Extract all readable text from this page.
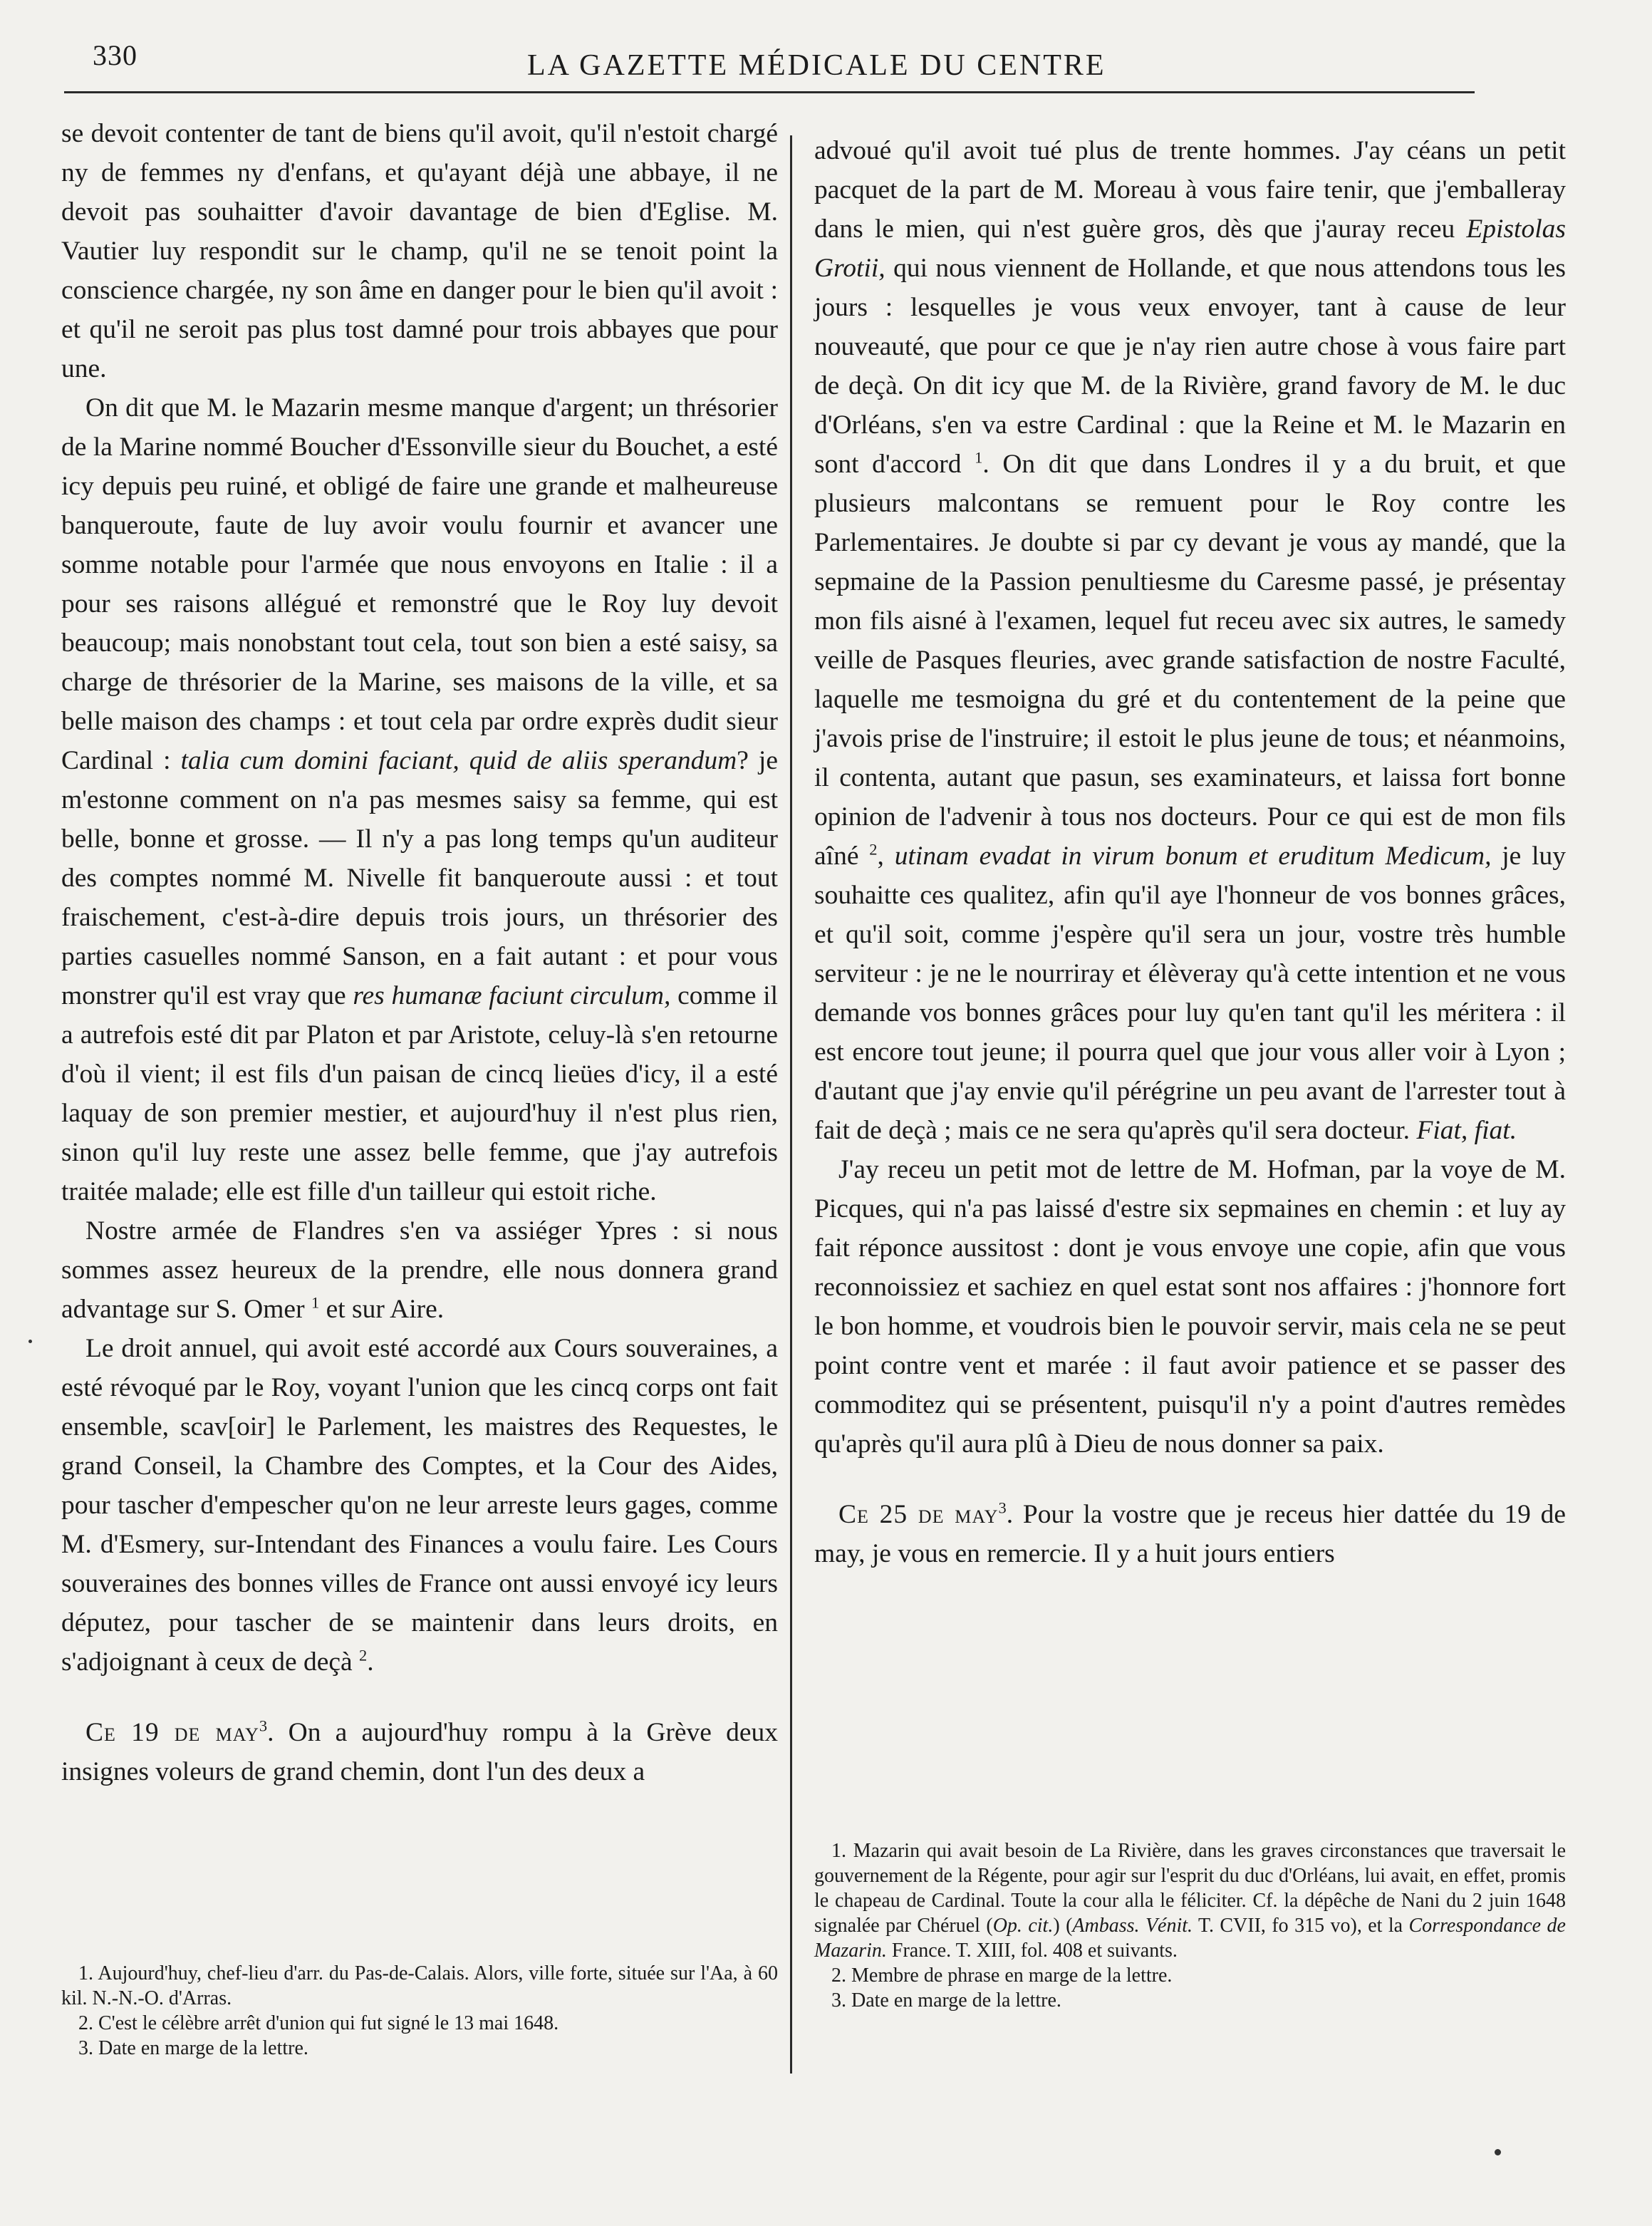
330	LA GAZETTE MÉDICALE DU CENTRE

se devoit contenter de tant de biens qu'il avoit, qu'il n'estoit chargé ny de femmes ny d'enfans, et qu'ayant déjà une abbaye, il ne devoit pas souhaitter d'avoir davantage de bien d'Eglise. M. Vautier luy respondit sur le champ, qu'il ne se tenoit point la conscience chargée, ny son âme en danger pour le bien qu'il avoit : et qu'il ne seroit pas plus tost damné pour trois abbayes que pour une.

On dit que M. le Mazarin mesme manque d'argent; un thrésorier de la Marine nommé Boucher d'Essonville sieur du Bouchet, a esté icy depuis peu ruiné, et obligé de faire une grande et malheureuse banqueroute, faute de luy avoir voulu fournir et avancer une somme notable pour l'armée que nous envoyons en Italie : il a pour ses raisons allégué et remonstré que le Roy luy devoit beaucoup; mais nonobstant tout cela, tout son bien a esté saisy, sa charge de thrésorier de la Marine, ses maisons de la ville, et sa belle maison des champs : et tout cela par ordre exprès dudit sieur Cardinal : talia cum domini faciant, quid de aliis sperandum? je m'estonne comment on n'a pas mesmes saisy sa femme, qui est belle, bonne et grosse. — Il n'y a pas long temps qu'un auditeur des comptes nommé M. Nivelle fit banqueroute aussi : et tout fraischement, c'est-à-dire depuis trois jours, un thrésorier des parties casuelles nommé Sanson, en a fait autant : et pour vous monstrer qu'il est vray que res humanæ faciunt circulum, comme il a autrefois esté dit par Platon et par Aristote, celuy-là s'en retourne d'où il vient; il est fils d'un paisan de cincq lieües d'icy, il a esté laquay de son premier mestier, et aujourd'huy il n'est plus rien, sinon qu'il luy reste une assez belle femme, que j'ay autrefois traitée malade; elle est fille d'un tailleur qui estoit riche.

Nostre armée de Flandres s'en va assiéger Ypres : si nous sommes assez heureux de la prendre, elle nous donnera grand advantage sur S. Omer $^1$ et sur Aire.

Le droit annuel, qui avoit esté accordé aux Cours souveraines, a esté révoqué par le Roy, voyant l'union que les cincq corps ont fait ensemble, scav[oir] le Parlement, les maistres des Requestes, le grand Conseil, la Chambre des Comptes, et la Cour des Aides, pour tascher d'empescher qu'on ne leur arreste leurs gages, comme M. d'Esmery, sur-Intendant des Finances a voulu faire. Les Cours souveraines des bonnes villes de France ont aussi envoyé icy leurs députez, pour tascher de se maintenir dans leurs droits, en s'adjoignant à ceux de deçà $^2$.

Ce 19 de may$^3$. On a aujourd'huy rompu à la Grève deux insignes voleurs de grand chemin, dont l'un des deux a

1. Aujourd'huy, chef-lieu d'arr. du Pas-de-Calais. Alors, ville forte, située sur l'Aa, à 60 kil. N.-N.-O. d'Arras.

2. C'est le célèbre arrêt d'union qui fut signé le 13 mai 1648.

3. Date en marge de la lettre.

advoué qu'il avoit tué plus de trente hommes. J'ay céans un petit pacquet de la part de M. Moreau à vous faire tenir, que j'emballeray dans le mien, qui n'est guère gros, dès que j'auray receu Epistolas Grotii, qui nous viennent de Hollande, et que nous attendons tous les jours : lesquelles je vous veux envoyer, tant à cause de leur nouveauté, que pour ce que je n'ay rien autre chose à vous faire part de deçà. On dit icy que M. de la Rivière, grand favory de M. le duc d'Orléans, s'en va estre Cardinal : que la Reine et M. le Mazarin en sont d'accord $^1$. On dit que dans Londres il y a du bruit, et que plusieurs malcontans se remuent pour le Roy contre les Parlementaires. Je doubte si par cy devant je vous ay mandé, que la sepmaine de la Passion penultiesme du Caresme passé, je présentay mon fils aisné à l'examen, lequel fut receu avec six autres, le samedy veille de Pasques fleuries, avec grande satisfaction de nostre Faculté, laquelle me tesmoigna du gré et du contentement de la peine que j'avois prise de l'instruire; il estoit le plus jeune de tous; et néanmoins, il contenta, autant que pasun, ses examinateurs, et laissa fort bonne opinion de l'advenir à tous nos docteurs. Pour ce qui est de mon fils aîné $^2$, utinam evadat in virum bonum et eruditum Medicum, je luy souhaitte ces qualitez, afin qu'il aye l'honneur de vos bonnes grâces, et qu'il soit, comme j'espère qu'il sera un jour, vostre très humble serviteur : je ne le nourriray et élèveray qu'à cette intention et ne vous demande vos bonnes grâces pour luy qu'en tant qu'il les méritera : il est encore tout jeune; il pourra quel que jour vous aller voir à Lyon ; d'autant que j'ay envie qu'il pérégrine un peu avant de l'arrester tout à fait de deçà ; mais ce ne sera qu'après qu'il sera docteur. Fiat, fiat.

J'ay receu un petit mot de lettre de M. Hofman, par la voye de M. Picques, qui n'a pas laissé d'estre six sepmaines en chemin : et luy ay fait réponce aussitost : dont je vous envoye une copie, afin que vous reconnoissiez et sachiez en quel estat sont nos affaires : j'honnore fort le bon homme, et voudrois bien le pouvoir servir, mais cela ne se peut point contre vent et marée : il faut avoir patience et se passer des commoditez qui se présentent, puisqu'il n'y a point d'autres remèdes qu'après qu'il aura plû à Dieu de nous donner sa paix.

Ce 25 de may$^3$. Pour la vostre que je receus hier dattée du 19 de may, je vous en remercie. Il y a huit jours entiers

1. Mazarin qui avait besoin de La Rivière, dans les graves circonstances que traversait le gouvernement de la Régente, pour agir sur l'esprit du duc d'Orléans, lui avait, en effet, promis le chapeau de Cardinal. Toute la cour alla le féliciter. Cf. la dépêche de Nani du 2 juin 1648 signalée par Chéruel (Op. cit.) (Ambass. Vénit. T. CVII, fo 315 vo), et la Correspondance de Mazarin. France. T. XIII, fol. 408 et suivants.

2. Membre de phrase en marge de la lettre.

3. Date en marge de la lettre.
